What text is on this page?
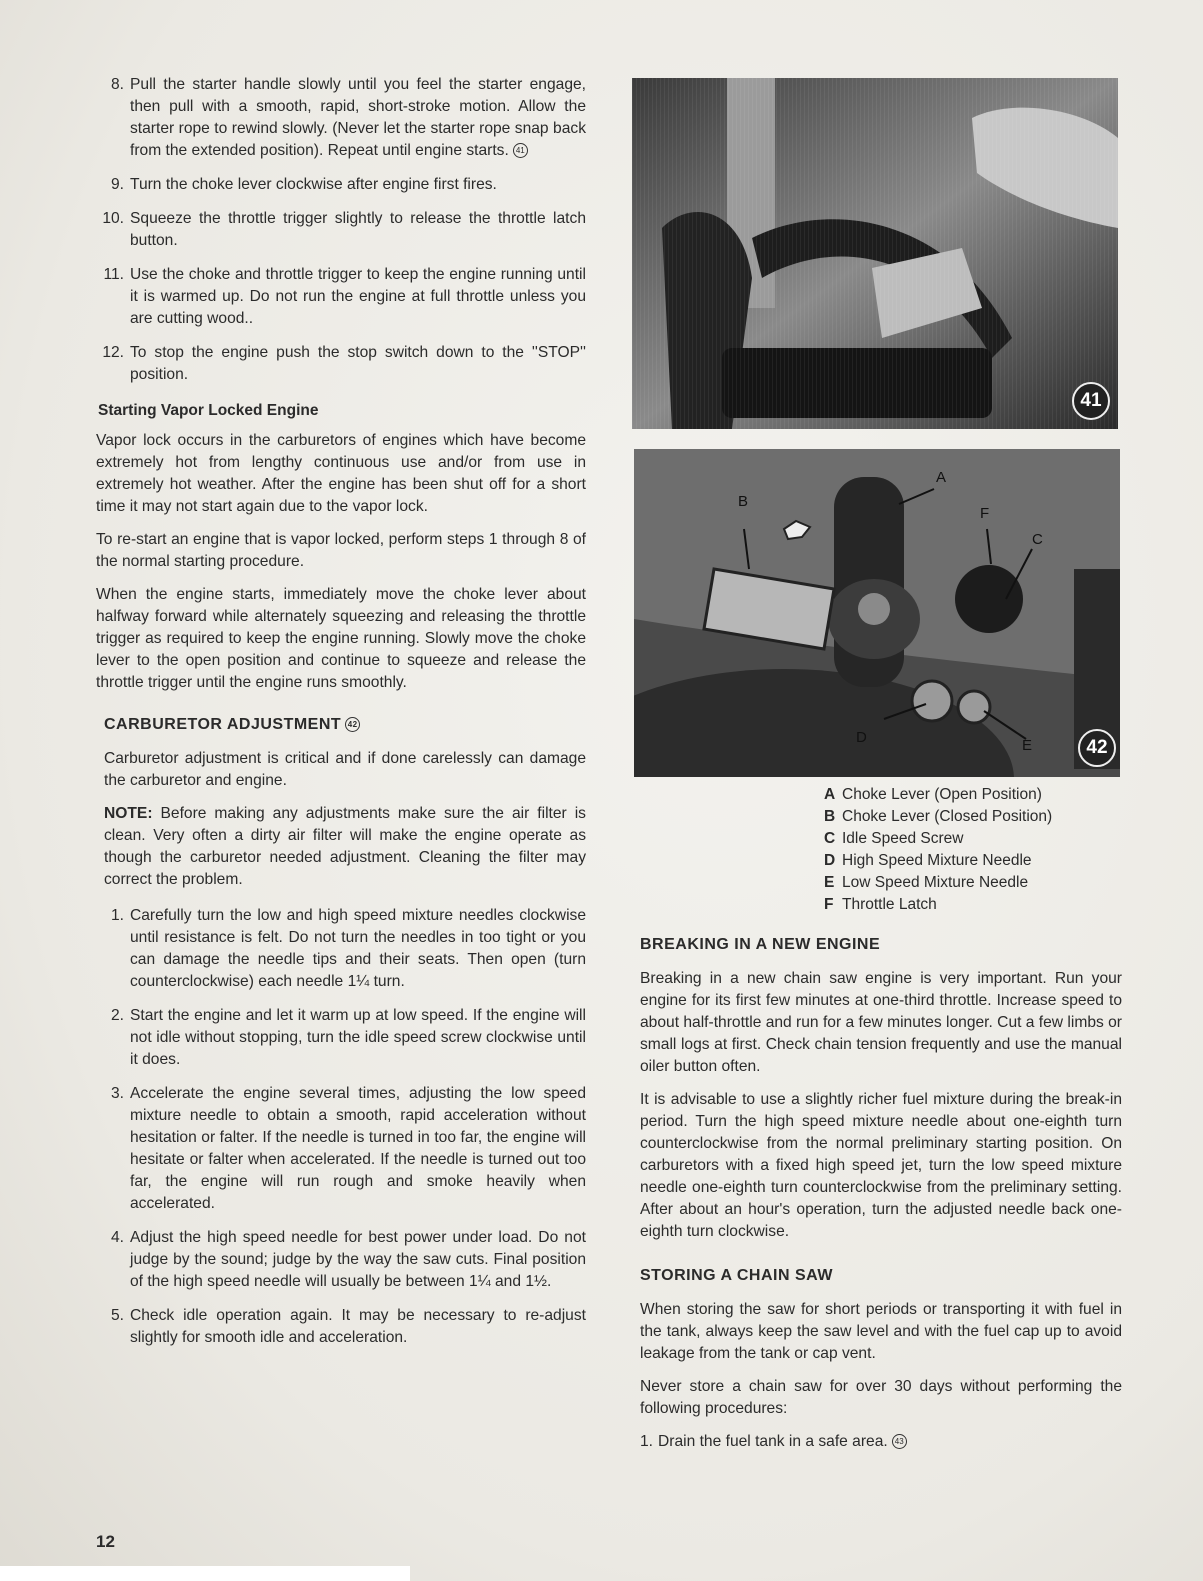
8. Pull the starter handle slowly until you feel the starter engage, then pull with a smooth, rapid, short-stroke motion. Allow the starter rope to rewind slowly. (Never let the starter rope snap back from the extended position). Repeat until engine starts. 41
9. Turn the choke lever clockwise after engine first fires.
10. Squeeze the throttle trigger slightly to release the throttle latch button.
11. Use the choke and throttle trigger to keep the engine running until it is warmed up. Do not run the engine at full throttle unless you are cutting wood..
12. To stop the engine push the stop switch down to the ''STOP'' position.
Starting Vapor Locked Engine

Vapor lock occurs in the carburetors of engines which have become extremely hot from lengthy continuous use and/or from use in extremely hot weather. After the engine has been shut off for a short time it may not start again due to the vapor lock.

To re-start an engine that is vapor locked, perform steps 1 through 8 of the normal starting procedure.

When the engine starts, immediately move the choke lever about halfway forward while alternately squeezing and releasing the throttle trigger as required to keep the engine running. Slowly move the choke lever to the open position and continue to squeeze and release the throttle trigger until the engine runs smoothly.

CARBURETOR ADJUSTMENT 42

Carburetor adjustment is critical and if done carelessly can damage the carburetor and engine.

NOTE: Before making any adjustments make sure the air filter is clean. Very often a dirty air filter will make the engine operate as though the carburetor needed adjustment. Cleaning the filter may correct the problem.

1. Carefully turn the low and high speed mixture needles clockwise until resistance is felt. Do not turn the needles in too tight or you can damage the needle tips and their seats. Then open (turn counterclockwise) each needle 1¼ turn.
2. Start the engine and let it warm up at low speed. If the engine will not idle without stopping, turn the idle speed screw clockwise until it does.
3. Accelerate the engine several times, adjusting the low speed mixture needle to obtain a smooth, rapid acceleration without hesitation or falter. If the needle is turned in too far, the engine will hesitate or falter when accelerated. If the needle is turned out too far, the engine will run rough and smoke heavily when accelerated.
4. Adjust the high speed needle for best power under load. Do not judge by the sound; judge by the way the saw cuts. Final position of the high speed needle will usually be between 1¼ and 1½.
5. Check idle operation again. It may be necessary to re-adjust slightly for smooth idle and acceleration.
41
A
B
C
D	E
F
42
A Choke Lever (Open Position)
B Choke Lever (Closed Position)
C Idle Speed Screw
D High Speed Mixture Needle
E Low Speed Mixture Needle
F Throttle Latch
BREAKING IN A NEW ENGINE

Breaking in a new chain saw engine is very important. Run your engine for its first few minutes at one-third throttle. Increase speed to about half-throttle and run for a few minutes longer. Cut a few limbs or small logs at first. Check chain tension frequently and use the manual oiler button often.

It is advisable to use a slightly richer fuel mixture during the break-in period. Turn the high speed mixture needle about one-eighth turn counterclockwise from the normal preliminary starting position. On carburetors with a fixed high speed jet, turn the low speed mixture needle one-eighth turn counterclockwise from the preliminary setting. After about an hour's operation, turn the adjusted needle back one-eighth turn clockwise.

STORING A CHAIN SAW

When storing the saw for short periods or transporting it with fuel in the tank, always keep the saw level and with the fuel cap up to avoid leakage from the tank or cap vent.

Never store a chain saw for over 30 days without performing the following procedures:

1. Drain the fuel tank in a safe area. 43
12
